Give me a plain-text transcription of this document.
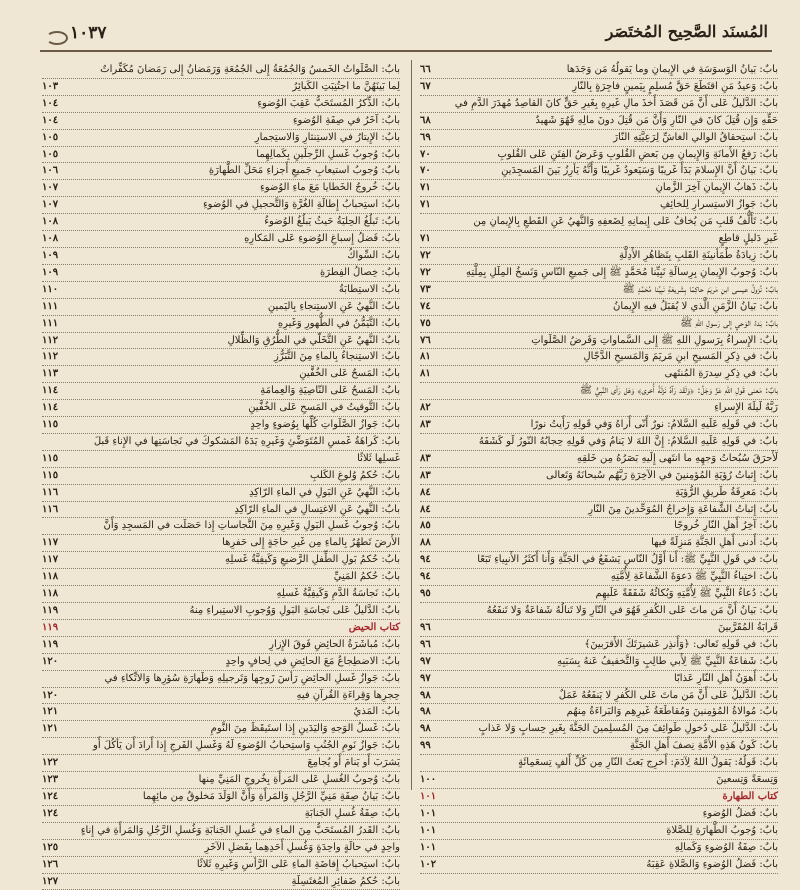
١٠٣٧	المُسنَد الصَّحِيح المُختَصَر
بابٌ: بَيانُ الوَسوَسَةِ في الإِيمانِ وما يَقولُهُ مَن وَجَدَها
٦٦
بابٌ: وَعيدُ مَنِ اقتَطَعَ حَقَّ مُسلِمٍ بِيَمينٍ فاجِرَةٍ بِالنّارِ
٦٧
بابٌ: الدَّليلُ عَلى أَنَّ مَن قَصَدَ أَخذَ مالِ غَيرِهِ بِغَيرِ حَقٍّ كانَ القاصِدُ مُهدَرَ الدَّمِ في
حَقِّهِ وَإِن قُتِلَ كانَ في النّارِ وَأَنَّ مَن قُتِلَ دونَ مالِهِ فَهُوَ شَهيدٌ
٦٨
بابٌ: استِحقاقُ الوالي الغاشِّ لِرَعِيَّتِهِ النّارَ
٦٩
بابٌ: رَفعُ الأَمانَةِ وَالإِيمانِ مِن بَعضِ القُلوبِ وَعَرضُ الفِتَنِ عَلى القُلوبِ
٧٠
بابٌ: بَيانُ أَنَّ الإِسلامَ بَدَأَ غَريبًا وَسَيَعودُ غَريبًا وَأَنَّهُ يَأرِزُ بَينَ المَسجِدَينِ
٧٠
بابٌ: ذَهابُ الإِيمانِ آخِرَ الزَّمانِ
٧١
بابٌ: جَوازُ الاستِسرارِ لِلخائِفِ
٧١
بابٌ: تَأَلُّفُ قَلبِ مَن يُخافُ عَلى إِيمانِهِ لِضَعفِهِ وَالنَّهيُ عَنِ القَطعِ بِالإِيمانِ مِن
غَيرِ دَليلٍ قاطِعٍ
٧١
بابٌ: زِيادَةُ طُمَأنينَةِ القَلبِ بِتَظاهُرِ الأَدِلَّةِ
٧٢
بابٌ: وُجوبُ الإِيمانِ بِرِسالَةِ نَبِيِّنا مُحَمَّدٍ ﷺ إِلى جَميعِ النّاسِ وَنَسخُ المِلَلِ بِمِلَّتِهِ
٧٢
بابٌ: نُزولُ عيسى ابنِ مَريَمَ حاكِمًا بِشَريعَةِ نَبِيِّنا مُحَمَّدٍ ﷺ
٧٣
بابٌ: بَيانُ الزَّمَنِ الَّذي لا يُقبَلُ فيهِ الإِيمانُ
٧٤
بابٌ: بَدءُ الوَحيِ إِلى رَسولِ اللهِ ﷺ
٧٥
بابٌ: الإِسراءُ بِرَسولِ اللهِ ﷺ إِلى السَّماواتِ وَفَرضُ الصَّلَواتِ
٧٦
بابٌ: في ذِكرِ المَسيحِ ابنِ مَريَمَ وَالمَسيحِ الدَّجّالِ
٨١
بابٌ: في ذِكرِ سِدرَةِ المُنتَهى
٨١
بابٌ: مَعنى قَولِ اللهِ عَزَّ وَجَلَّ: ﴿وَلَقَد رَآهُ نَزلَةً أُخرى﴾ وَهَل رَأى النَّبِيُّ ﷺ
رَبَّهُ لَيلَةَ الإِسراءِ
٨٢
بابٌ: في قَولِهِ عَلَيهِ السَّلامُ: نورٌ أَنّى أَراهُ وَفي قَولِهِ رَأَيتُ نورًا
٨٣
بابٌ: في قَولِهِ عَلَيهِ السَّلامُ: إِنَّ اللهَ لا يَنامُ وَفي قَولِهِ حِجابُهُ النّورُ لَو كَشَفَهُ
لَأَحرَقَ سُبُحاتُ وَجهِهِ ما انتَهى إِلَيهِ بَصَرُهُ مِن خَلقِهِ
٨٣
بابٌ: إِثباتُ رُؤيَةِ المُؤمِنينَ في الآخِرَةِ رَبَّهُم سُبحانَهُ وَتَعالى
٨٣
بابٌ: مَعرِفَةُ طَريقِ الرُّؤيَةِ
٨٤
بابٌ: إِثباتُ الشَّفاعَةِ وَإِخراجُ المُوَحِّدينَ مِنَ النّارِ
٨٤
بابٌ: آخِرُ أَهلِ النّارِ خُروجًا
٨٥
بابٌ: أَدنى أَهلِ الجَنَّةِ مَنزِلَةً فيها
٨٨
بابٌ: في قَولِ النَّبِيِّ ﷺ: أَنا أَوَّلُ النّاسِ يَشفَعُ في الجَنَّةِ وَأَنا أَكثَرُ الأَنبِياءِ تَبَعًا
٩٤
بابٌ: اختِباءُ النَّبِيِّ ﷺ دَعوَةَ الشَّفاعَةِ لِأُمَّتِهِ
٩٤
بابٌ: دُعاءُ النَّبِيِّ ﷺ لِأُمَّتِهِ وَبُكائُهُ شَفَقَةً عَلَيهِم
٩٥
بابٌ: بَيانُ أَنَّ مَن ماتَ عَلى الكُفرِ فَهُوَ في النّارِ وَلا تَنالُهُ شَفاعَةٌ وَلا تَنفَعُهُ
قَرابَةُ المُقَرَّبينَ
٩٦
بابٌ: في قَولِهِ تَعالى: ﴿وَأَنذِر عَشيرَتَكَ الأَقرَبينَ﴾
٩٦
بابٌ: شَفاعَةُ النَّبِيِّ ﷺ لِأَبي طالِبٍ وَالتَّخفيفُ عَنهُ بِسَبَبِهِ
٩٧
بابٌ: أَهوَنُ أَهلِ النّارِ عَذابًا
٩٧
بابٌ: الدَّليلُ عَلى أَنَّ مَن ماتَ عَلى الكُفرِ لا يَنفَعُهُ عَمَلٌ
٩٨
بابٌ: مُوالاةُ المُؤمِنينَ وَمُقاطَعَةُ غَيرِهِم وَالبَراءَةُ مِنهُم
٩٨
بابٌ: الدَّليلُ عَلى دُخولِ طَوائِفَ مِنَ المُسلِمينَ الجَنَّةَ بِغَيرِ حِسابٍ وَلا عَذابٍ
٩٨
بابٌ: كَونُ هَذِهِ الأُمَّةِ نِصفَ أَهلِ الجَنَّةِ
٩٩
بابٌ: قَولُهُ: يَقولُ اللهُ لِآدَمَ: أَخرِج بَعثَ النّارِ مِن كُلِّ أَلفٍ تِسعَمِائَةٍ
وَتِسعَةً وَتِسعينَ
١٠٠
كتاب الطهارة
١٠١
بابٌ: فَضلُ الوُضوءِ
١٠١
بابٌ: وُجوبُ الطَّهارَةِ لِلصَّلاةِ
١٠١
بابٌ: صِفَةُ الوُضوءِ وَكَمالِهِ
١٠١
بابٌ: فَضلُ الوُضوءِ وَالصَّلاةِ عَقِبَهُ
١٠٢
بابٌ: الصَّلَواتُ الخَمسُ وَالجُمُعَةُ إِلى الجُمُعَةِ وَرَمَضانُ إِلى رَمَضانَ مُكَفِّراتٌ
لِما بَينَهُنَّ ما اجتُنِبَتِ الكَبائِرُ
١٠٣
بابٌ: الذِّكرُ المُستَحَبُّ عَقِبَ الوُضوءِ
١٠٤
بابٌ: آخَرُ في صِفَةِ الوُضوءِ
١٠٤
بابٌ: الإِيتارُ في الاستِنثارِ وَالاستِجمارِ
١٠٥
بابٌ: وُجوبُ غَسلِ الرِّجلَينِ بِكَمالِهِما
١٠٥
بابٌ: وُجوبُ استيعابِ جَميعِ أَجزاءِ مَحَلِّ الطَّهارَةِ
١٠٦
بابٌ: خُروجُ الخَطايا مَعَ ماءِ الوُضوءِ
١٠٧
بابٌ: استِحبابُ إِطالَةِ الغُرَّةِ وَالتَّحجيلِ في الوُضوءِ
١٠٧
بابٌ: تَبلُغُ الحِليَةُ حَيثُ يَبلُغُ الوُضوءُ
١٠٨
بابٌ: فَضلُ إِسباغِ الوُضوءِ عَلى المَكارِهِ
١٠٨
بابٌ: السِّواكُ
١٠٩
بابٌ: خِصالُ الفِطرَةِ
١٠٩
بابٌ: الاستِطابَةُ
١١٠
بابٌ: النَّهيُ عَنِ الاستِنجاءِ بِاليَمينِ
١١١
بابٌ: التَّيَمُّنُ في الطُّهورِ وَغَيرِهِ
١١١
بابٌ: النَّهيُ عَنِ التَّخَلّي في الطُّرُقِ وَالظِّلالِ
١١٢
بابٌ: الاستِنجاءُ بِالماءِ مِنَ التَّبَرُّزِ
١١٢
بابٌ: المَسحُ عَلى الخُفَّينِ
١١٣
بابٌ: المَسحُ عَلى النّاصِيَةِ وَالعِمامَةِ
١١٤
بابٌ: التَّوقيتُ في المَسحِ عَلى الخُفَّينِ
١١٤
بابٌ: جَوازُ الصَّلَواتِ كُلِّها بِوُضوءٍ واحِدٍ
١١٥
بابٌ: كَراهَةُ غَمسِ المُتَوَضِّئِ وَغَيرِهِ يَدَهُ المَشكوكَ في نَجاسَتِها في الإِناءِ قَبلَ
غَسلِها ثَلاثًا
١١٥
بابٌ: حُكمُ وُلوغِ الكَلبِ
١١٥
بابٌ: النَّهيُ عَنِ البَولِ في الماءِ الرّاكِدِ
١١٦
بابٌ: النَّهيُ عَنِ الاغتِسالِ في الماءِ الرّاكِدِ
١١٦
بابٌ: وُجوبُ غَسلِ البَولِ وَغَيرِهِ مِنَ النَّجاساتِ إِذا حَصَلَت في المَسجِدِ وَأَنَّ
الأَرضَ تَطهُرُ بِالماءِ مِن غَيرِ حاجَةٍ إِلى حَفرِها
١١٧
بابٌ: حُكمُ بَولِ الطِّفلِ الرَّضيعِ وَكَيفِيَّةُ غَسلِهِ
١١٧
بابٌ: حُكمُ المَنِيِّ
١١٨
بابٌ: نَجاسَةُ الدَّمِ وَكَيفِيَّةُ غَسلِهِ
١١٨
بابٌ: الدَّليلُ عَلى نَجاسَةِ البَولِ وَوُجوبِ الاستِبراءِ مِنهُ
١١٩
كتاب الحيض
١١٩
بابٌ: مُباشَرَةُ الحائِضِ فَوقَ الإِزارِ
١١٩
بابٌ: الاضطِجاعُ مَعَ الحائِضِ في لِحافٍ واحِدٍ
١٢٠
بابٌ: جَوازُ غَسلِ الحائِضِ رَأسَ زَوجِها وَتَرجيلِهِ وَطَهارَةِ سُؤرِها وَالاتِّكاءِ في
حِجرِها وَقِراءَةِ القُرآنِ فيهِ
١٢٠
بابٌ: المَذيُ
١٢١
بابٌ: غَسلُ الوَجهِ وَاليَدَينِ إِذا استَيقَظَ مِنَ النَّومِ
١٢١
بابٌ: جَوازُ نَومِ الجُنُبِ وَاستِحبابُ الوُضوءِ لَهُ وَغَسلِ الفَرجِ إِذا أَرادَ أَن يَأكُلَ أَو
يَشرَبَ أَو يَنامَ أَو يُجامِعَ
١٢٢
بابٌ: وُجوبُ الغُسلِ عَلى المَرأَةِ بِخُروجِ المَنِيِّ مِنها
١٢٣
بابٌ: بَيانُ صِفَةِ مَنِيِّ الرَّجُلِ وَالمَرأَةِ وَأَنَّ الوَلَدَ مَخلوقٌ مِن مائِهِما
١٢٤
بابٌ: صِفَةُ غُسلِ الجَنابَةِ
١٢٤
بابٌ: القَدرُ المُستَحَبُّ مِنَ الماءِ في غُسلِ الجَنابَةِ وَغُسلِ الرَّجُلِ وَالمَرأَةِ في إِناءٍ
واحِدٍ في حالَةٍ واحِدَةٍ وَغُسلِ أَحَدِهِما بِفَضلِ الآخَرِ
١٢٥
بابٌ: استِحبابُ إِفاضَةِ الماءِ عَلى الرَّأسِ وَغَيرِهِ ثَلاثًا
١٢٦
بابٌ: حُكمُ ضَفائِرِ المُغتَسِلَةِ
١٢٧
